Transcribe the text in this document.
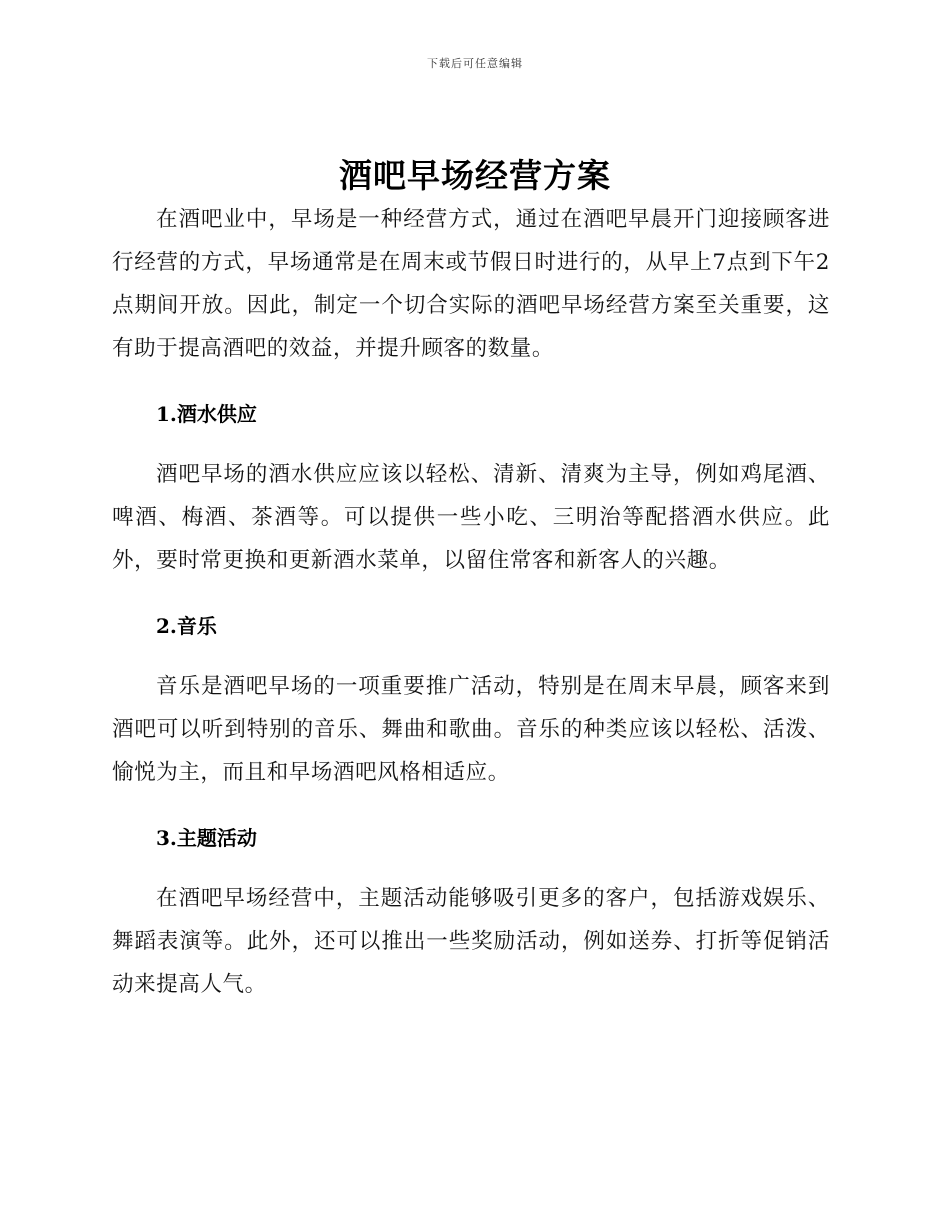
下载后可任意编辑
酒吧早场经营方案

在酒吧业中，早场是一种经营方式，通过在酒吧早晨开门迎接顾客进行经营的方式，早场通常是在周末或节假日时进行的，从早上7点到下午2点期间开放。因此，制定一个切合实际的酒吧早场经营方案至关重要，这有助于提高酒吧的效益，并提升顾客的数量。

1.酒水供应

酒吧早场的酒水供应应该以轻松、清新、清爽为主导，例如鸡尾酒、啤酒、梅酒、茶酒等。可以提供一些小吃、三明治等配搭酒水供应。此外，要时常更换和更新酒水菜单，以留住常客和新客人的兴趣。

2.音乐

音乐是酒吧早场的一项重要推广活动，特别是在周末早晨，顾客来到酒吧可以听到特别的音乐、舞曲和歌曲。音乐的种类应该以轻松、活泼、愉悦为主，而且和早场酒吧风格相适应。

3.主题活动

在酒吧早场经营中，主题活动能够吸引更多的客户，包括游戏娱乐、舞蹈表演等。此外，还可以推出一些奖励活动，例如送券、打折等促销活动来提高人气。
